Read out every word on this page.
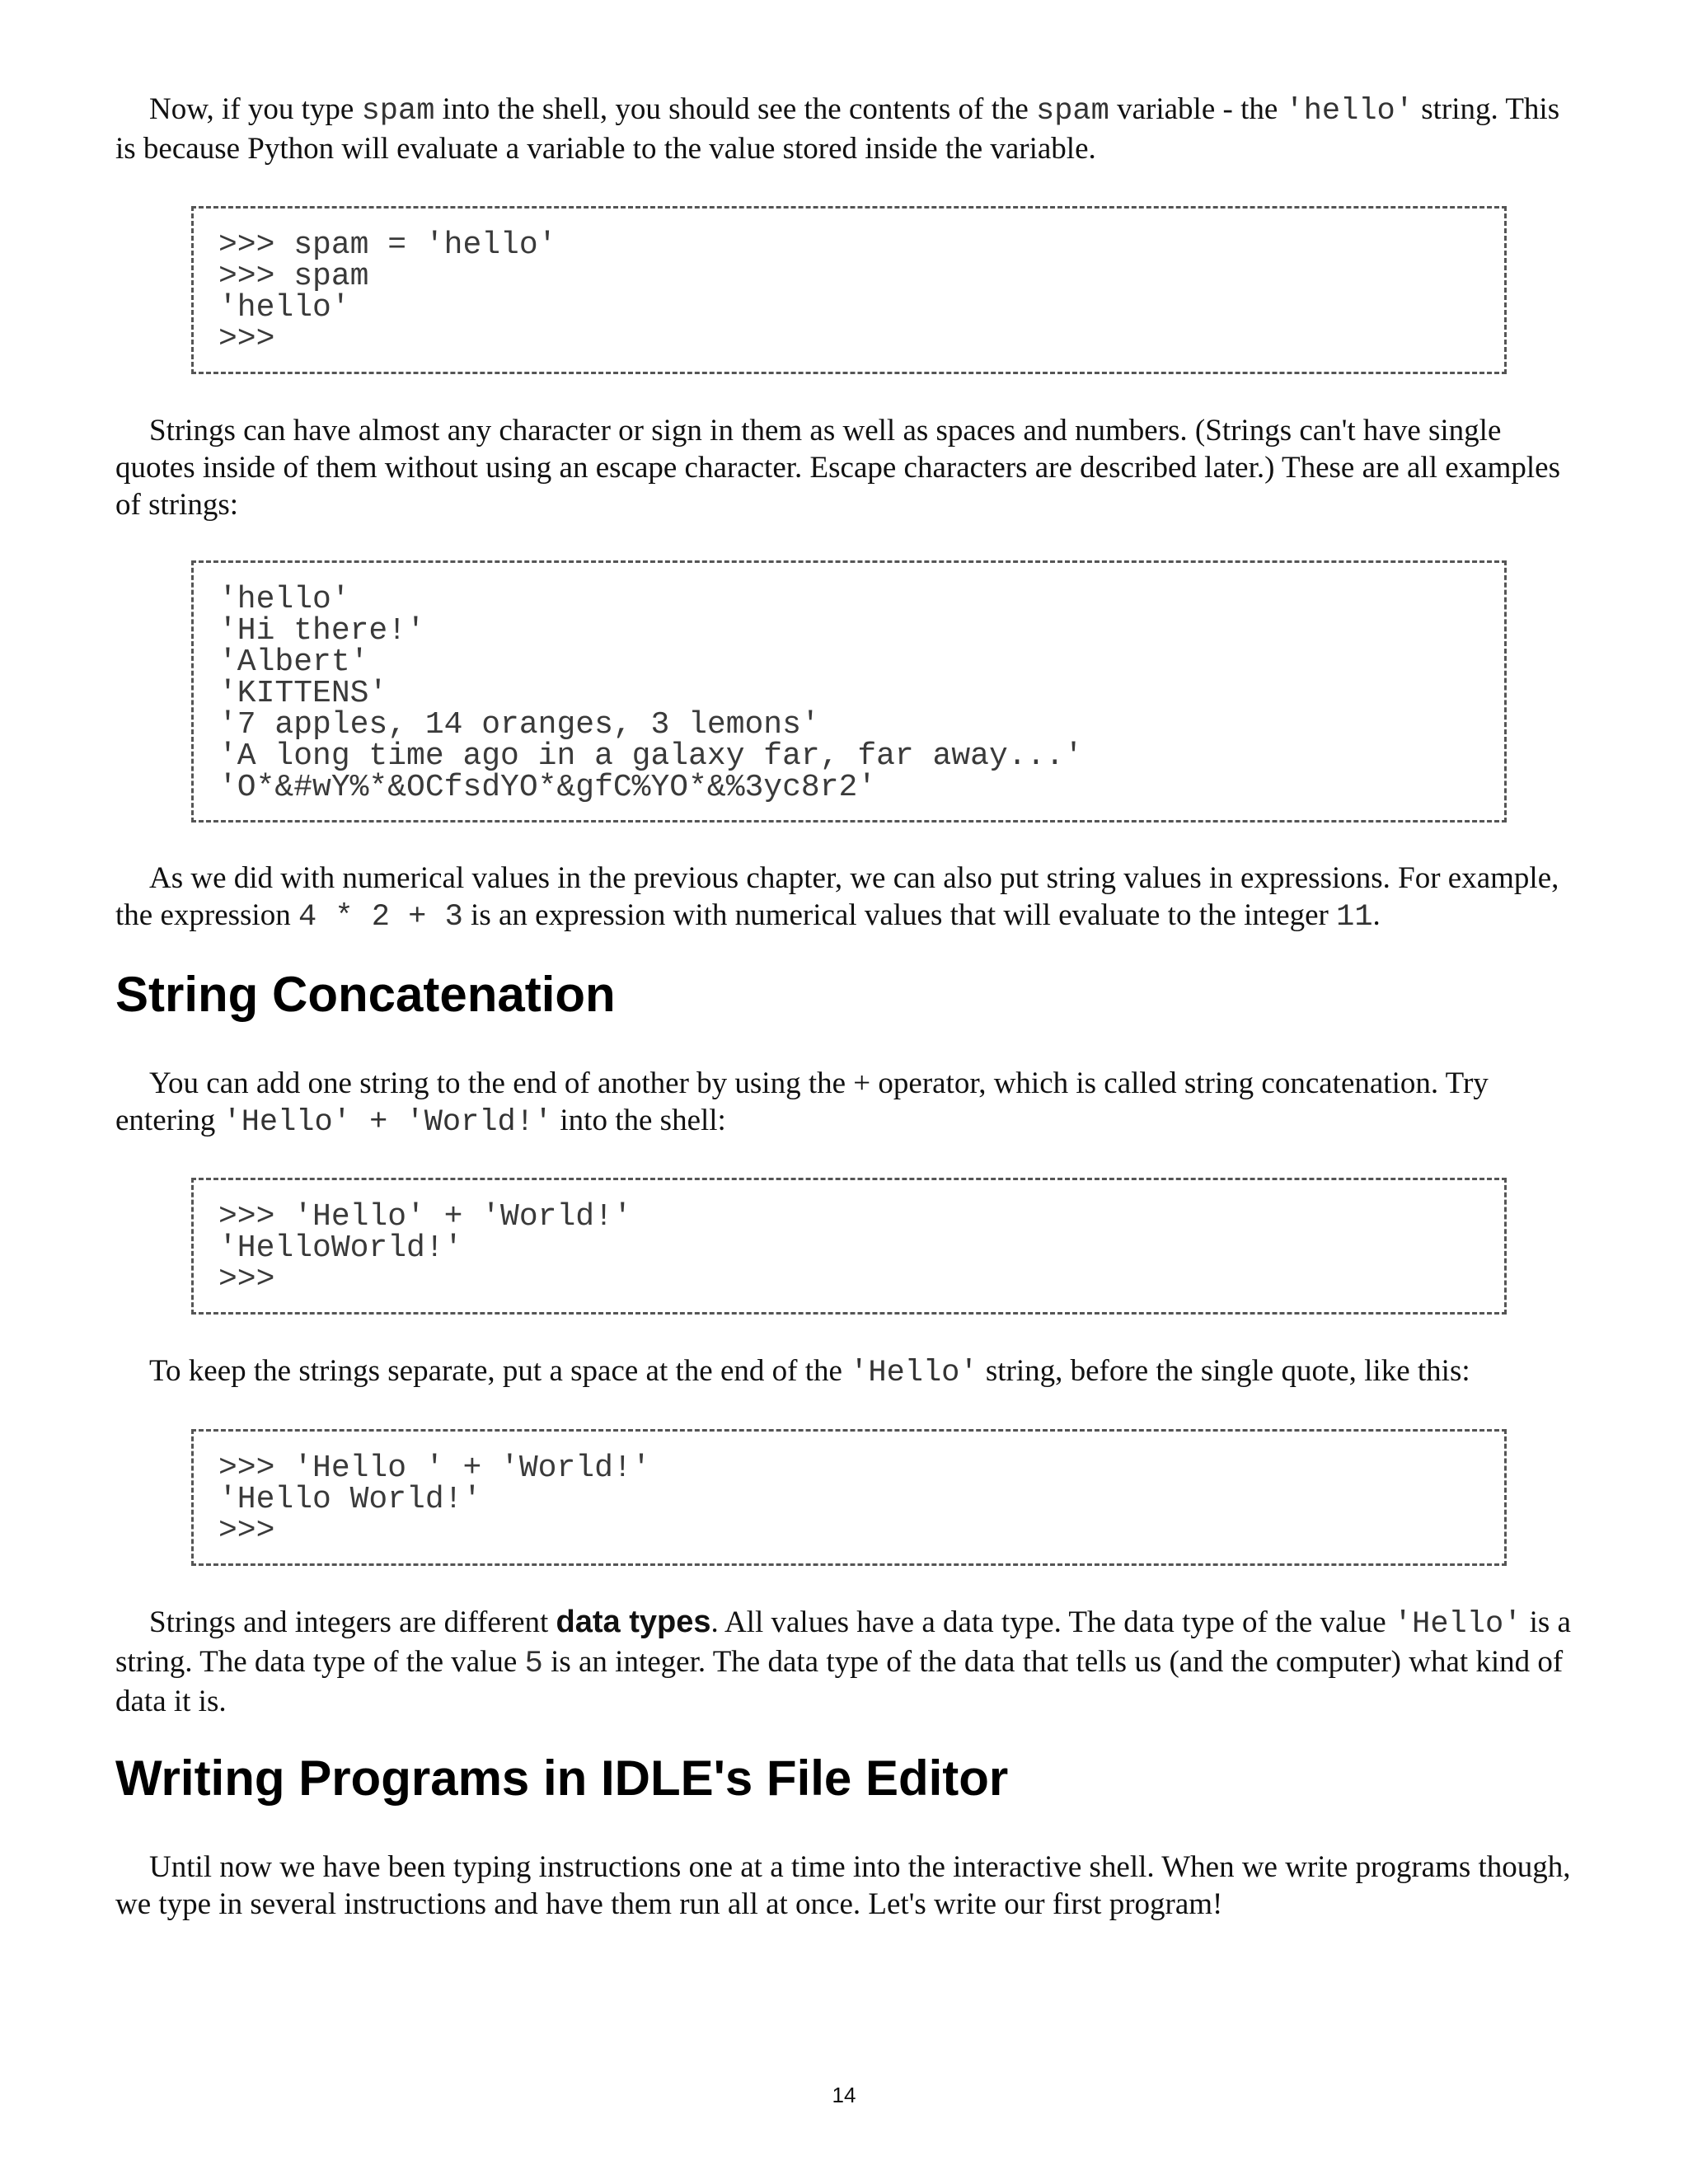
Now, if you type spam into the shell, you should see the contents of the spam variable - the 'hello' string. This is because Python will evaluate a variable to the value stored inside the variable.

>>> spam = 'hello'
>>> spam
'hello'
>>>

Strings can have almost any character or sign in them as well as spaces and numbers. (Strings can't have single quotes inside of them without using an escape character. Escape characters are described later.) These are all examples of strings:

'hello'
'Hi there!'
'Albert'
'KITTENS'
'7 apples, 14 oranges, 3 lemons'
'A long time ago in a galaxy far, far away...'
'O*&#wY%*&OCfsdYO*&gfC%YO*&%3yc8r2'

As we did with numerical values in the previous chapter, we can also put string values in expressions. For example, the expression 4 * 2 + 3 is an expression with numerical values that will evaluate to the integer 11.

String Concatenation

You can add one string to the end of another by using the + operator, which is called string concatenation. Try entering 'Hello' + 'World!' into the shell:

>>> 'Hello' + 'World!'
'HelloWorld!'
>>>

To keep the strings separate, put a space at the end of the 'Hello' string, before the single quote, like this:

>>> 'Hello ' + 'World!'
'Hello World!'
>>>

Strings and integers are different data types. All values have a data type. The data type of the value 'Hello' is a string. The data type of the value 5 is an integer. The data type of the data that tells us (and the computer) what kind of data it is.

Writing Programs in IDLE's File Editor

Until now we have been typing instructions one at a time into the interactive shell. When we write programs though, we type in several instructions and have them run all at once. Let's write our first program!

14
